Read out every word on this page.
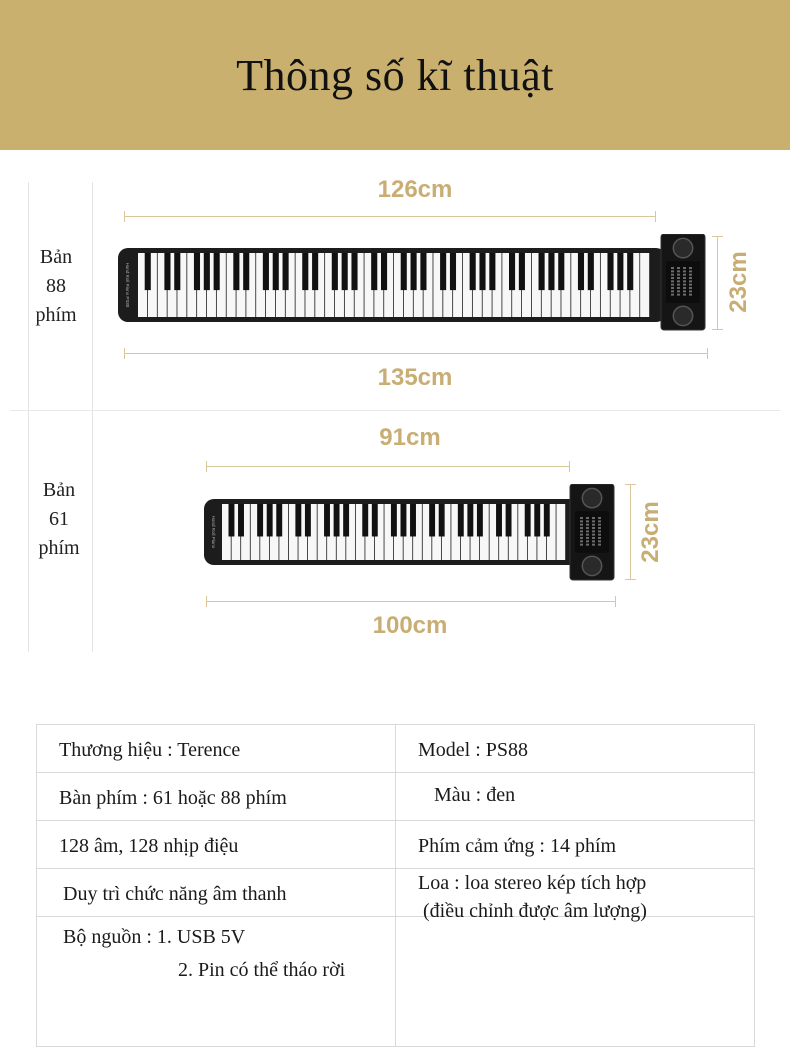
Thông số kĩ thuật
Bản
88
phím
126cm
Hand Roll Piano PS88	23cm
135cm
Bản
61
phím
91cm
Hand Roll Piano	23cm
100cm
Thương hiệu : Terence	Model : PS88

Bàn phím : 61 hoặc 88 phím	Màu : đen

128 âm, 128 nhịp điệu	Phím cảm ứng : 14 phím

Duy trì chức năng âm thanh	Loa : loa stereo kép tích hợp
(điều chỉnh được âm lượng)

Bộ nguồn : 1. USB 5V
2. Pin có thể tháo rời	
